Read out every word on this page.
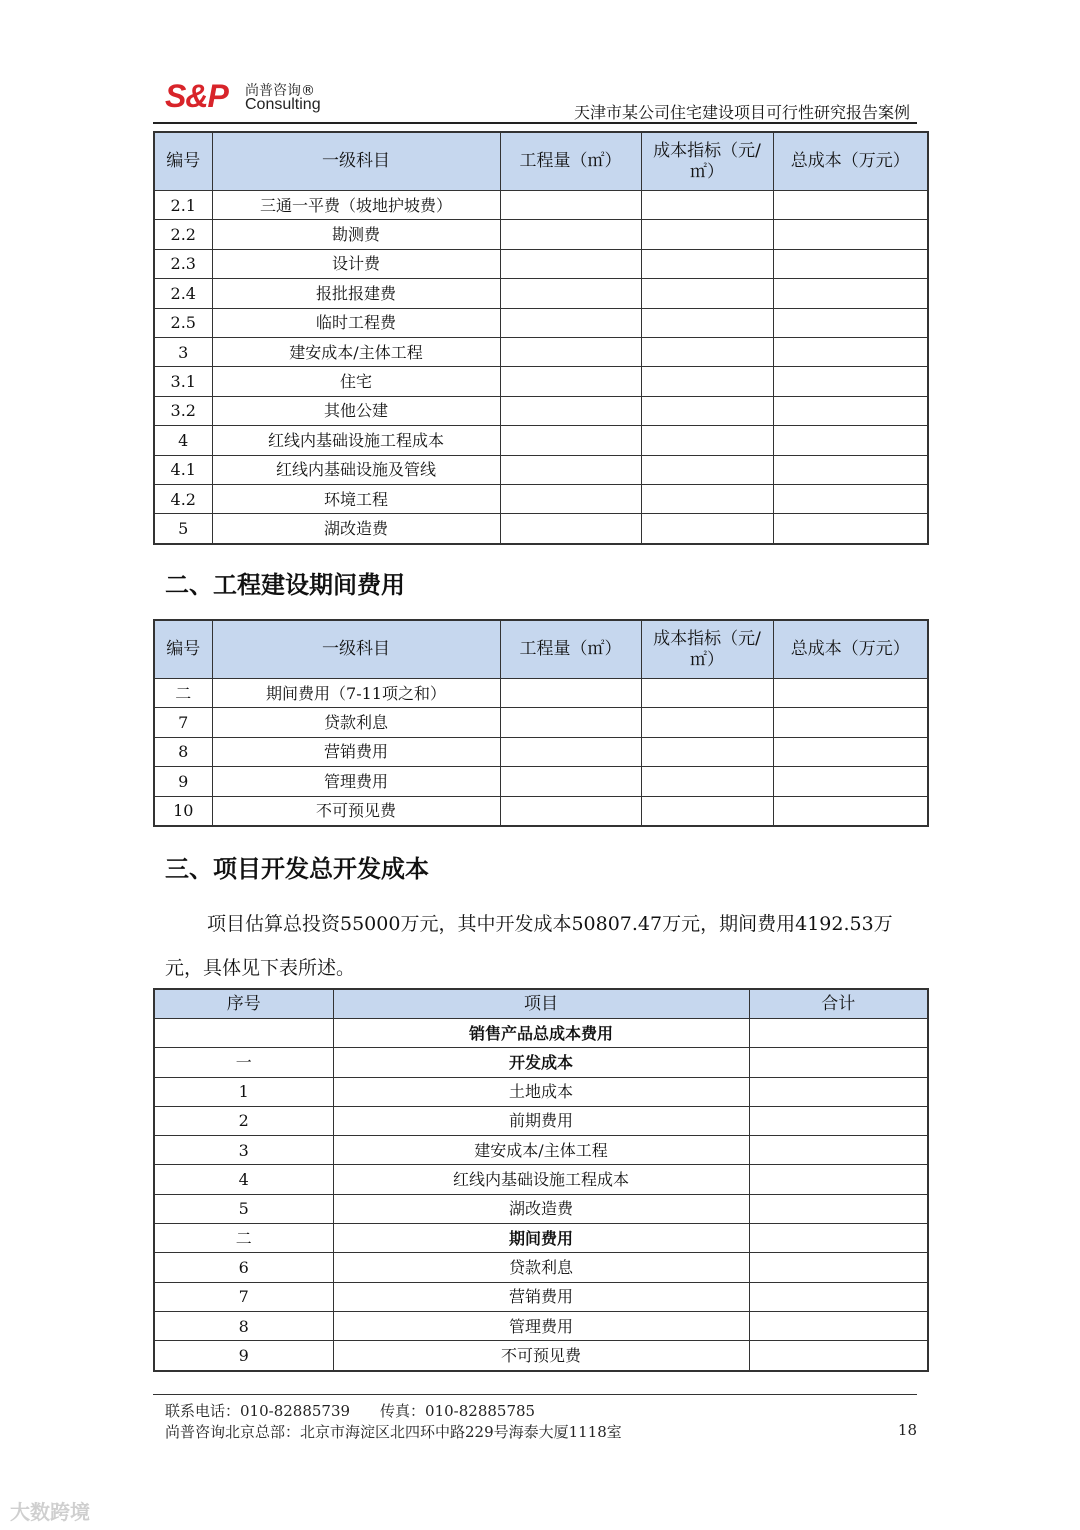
S&P 尚普咨询®
Consulting	天津市某公司住宅建设项目可行性研究报告案例
编号	一级科目	工程量（㎡）	成本指标（元/㎡）	总成本（万元）
2.1	三通一平费（坡地护坡费）			
2.2	勘测费			
2.3	设计费			
2.4	报批报建费			
2.5	临时工程费			
3	建安成本/主体工程			
3.1	住宅			
3.2	其他公建			
4	红线内基础设施工程成本			
4.1	红线内基础设施及管线			
4.2	环境工程			
5	湖改造费			
二、工程建设期间费用
编号	一级科目	工程量（㎡）	成本指标（元/㎡）	总成本（万元）
二	期间费用（7-11项之和）			
7	贷款利息			
8	营销费用			
9	管理费用			
10	不可预见费			
三、项目开发总开发成本
项目估算总投资55000万元，其中开发成本50807.47万元，期间费用4192.53万元，具体见下表所述。
序号	项目	合计
	销售产品总成本费用	
一	开发成本	
1	土地成本	
2	前期费用	
3	建安成本/主体工程	
4	红线内基础设施工程成本	
5	湖改造费	
二	期间费用	
6	贷款利息	
7	营销费用	
8	管理费用	
9	不可预见费	
联系电话：010-82885739　　传真：010-82885785
尚普咨询北京总部：北京市海淀区北四环中路229号海泰大厦1118室	18
大数跨境
